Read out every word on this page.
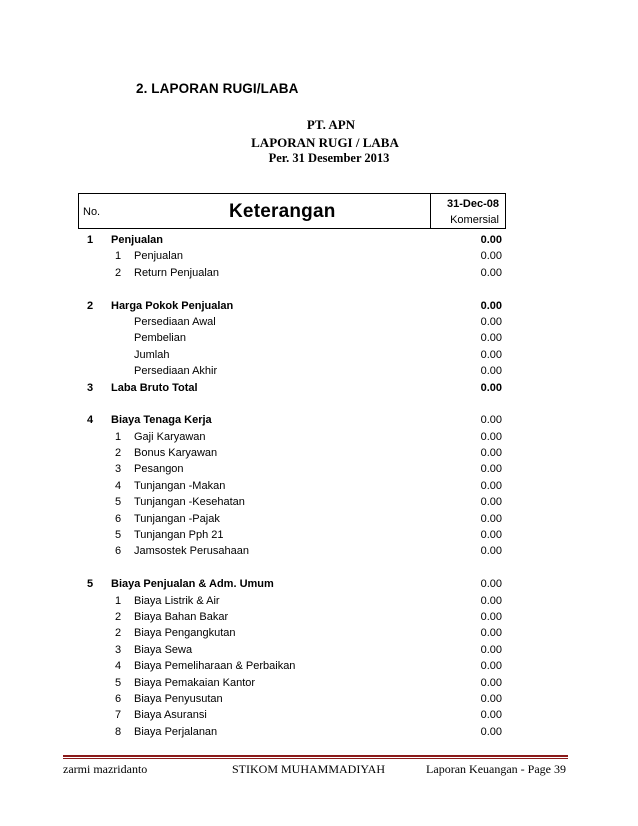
2. LAPORAN RUGI/LABA
PT. APN
LAPORAN RUGI / LABA
Per. 31 Desember 2013
No.	Keterangan	31-Dec-08
Komersial
1 Penjualan	0.00
1 Penjualan	0.00
2 Return Penjualan	0.00
2 Harga Pokok Penjualan	0.00
Persediaan Awal	0.00
Pembelian	0.00
Jumlah	0.00
Persediaan Akhir	0.00
3 Laba Bruto Total	0.00
4 Biaya Tenaga Kerja	0.00
1 Gaji Karyawan	0.00
2 Bonus Karyawan	0.00
3 Pesangon	0.00
4 Tunjangan -Makan	0.00
5 Tunjangan -Kesehatan	0.00
6 Tunjangan -Pajak	0.00
5 Tunjangan Pph 21	0.00
6 Jamsostek Perusahaan	0.00
5 Biaya Penjualan & Adm. Umum	0.00
1 Biaya Listrik & Air	0.00
2 Biaya Bahan Bakar	0.00
2 Biaya Pengangkutan	0.00
3 Biaya Sewa	0.00
4 Biaya Pemeliharaan & Perbaikan	0.00
5 Biaya Pemakaian Kantor	0.00
6 Biaya Penyusutan	0.00
7 Biaya Asuransi	0.00
8 Biaya Perjalanan	0.00
zarmi mazridanto	STIKOM MUHAMMADIYAH	Laporan Keuangan - Page 39
